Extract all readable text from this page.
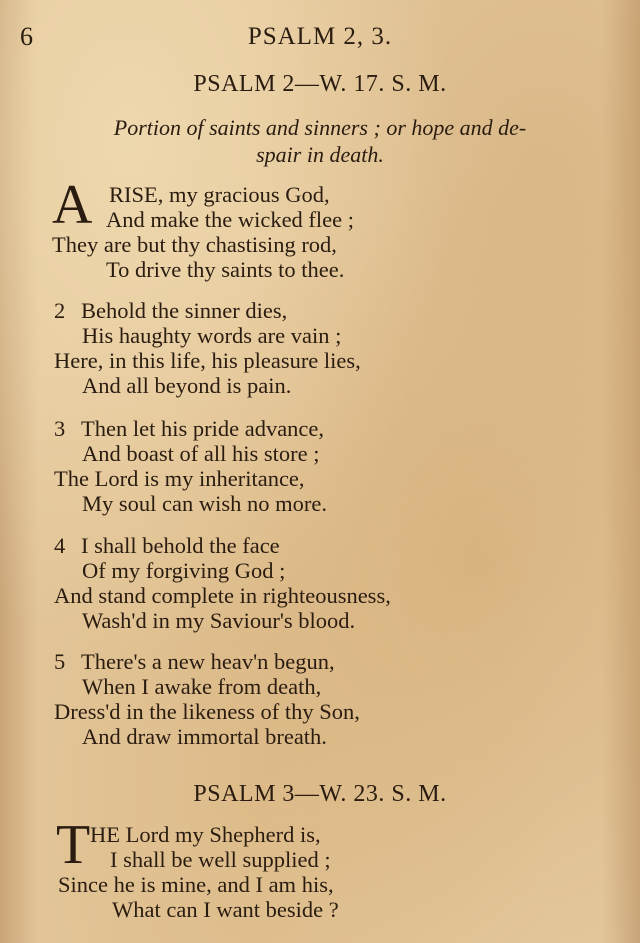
6	PSALM 2, 3.
PSALM 2—W. 17. S. M.
Portion of saints and sinners ; or hope and de-
spair in death.
A RISE, my gracious God,
And make the wicked flee ;
They are but thy chastising rod,
To drive thy saints to thee.
2 Behold the sinner dies,
His haughty words are vain ;
Here, in this life, his pleasure lies,
And all beyond is pain.
3 Then let his pride advance,
And boast of all his store ;
The Lord is my inheritance,
My soul can wish no more.
4 I shall behold the face
Of my forgiving God ;
And stand complete in righteousness,
Wash'd in my Saviour's blood.
5 There's a new heav'n begun,
When I awake from death,
Dress'd in the likeness of thy Son,
And draw immortal breath.
PSALM 3—W. 23. S. M.
T HE Lord my Shepherd is,
I shall be well supplied ;
Since he is mine, and I am his,
What can I want beside ?
